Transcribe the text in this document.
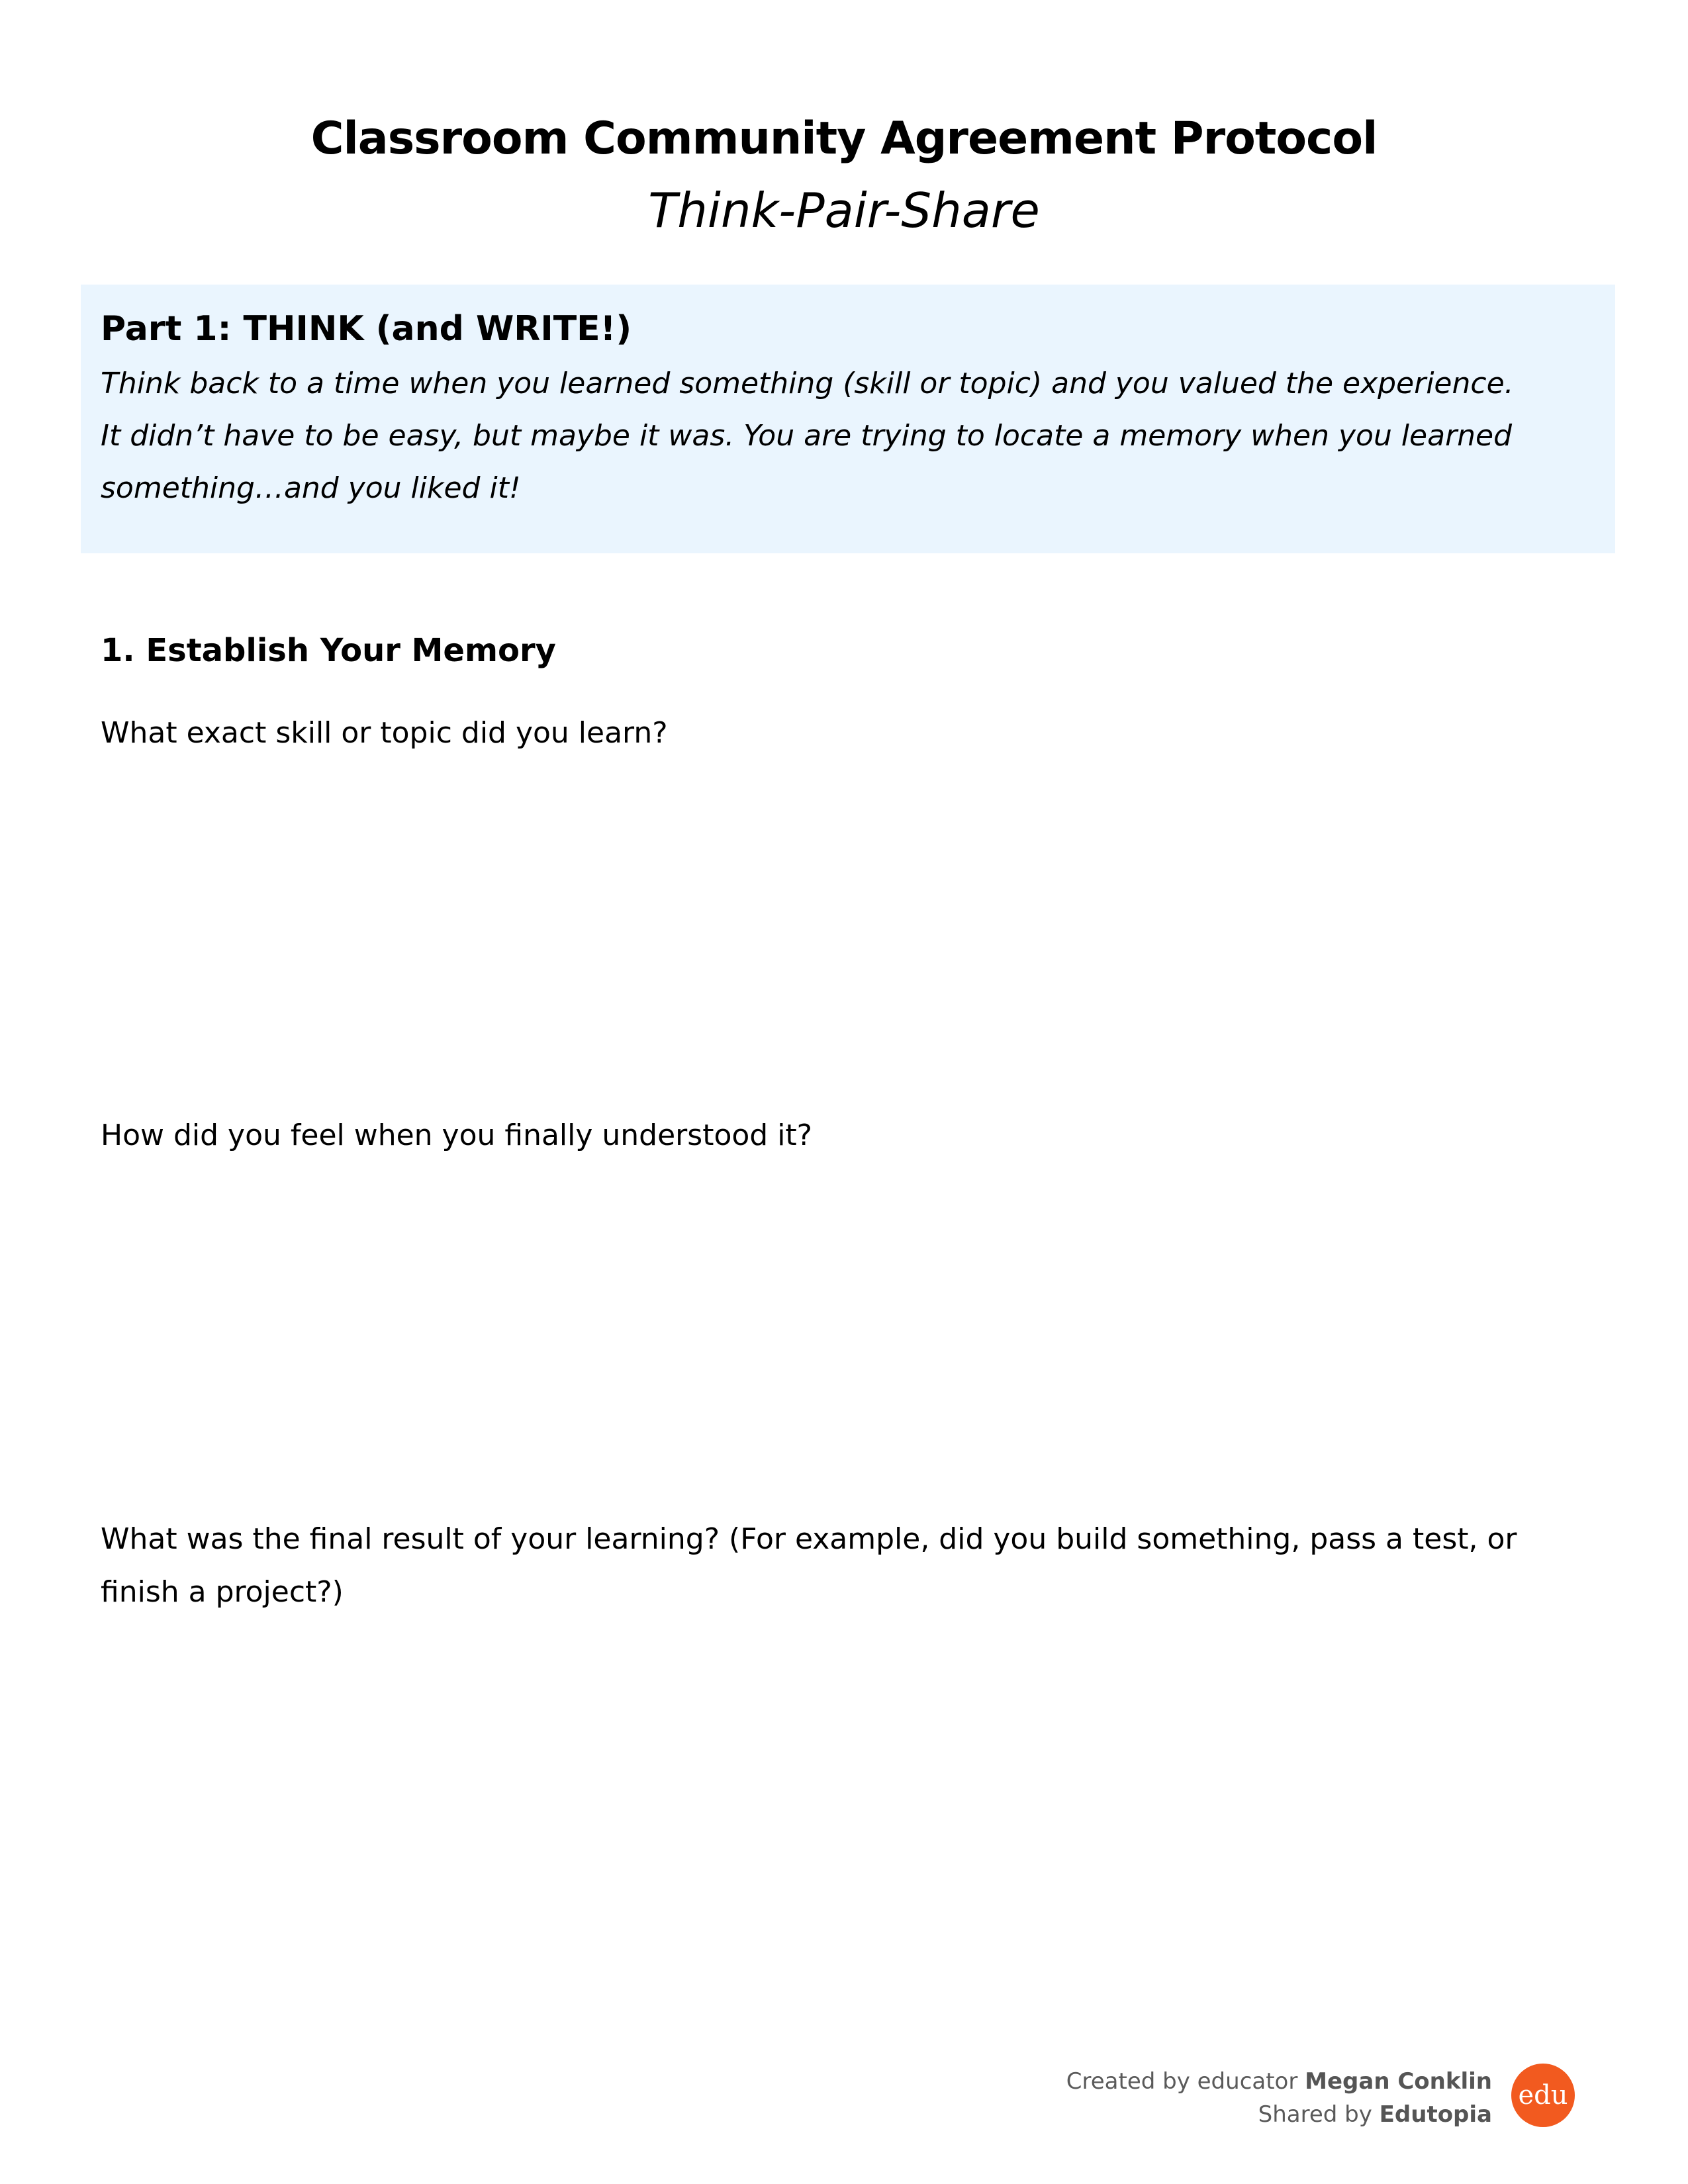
Classroom Community Agreement Protocol
Think-Pair-Share
Part 1: THINK (and WRITE!)
Think back to a time when you learned something (skill or topic) and you valued the experience.
It didn’t have to be easy, but maybe it was. You are trying to locate a memory when you learned
something…and you liked it!
1. Establish Your Memory
What exact skill or topic did you learn?
How did you feel when you finally understood it?
What was the final result of your learning? (For example, did you build something, pass a test, or
finish a project?)
Created by educator Megan Conklin
Shared by Edutopia
edu
